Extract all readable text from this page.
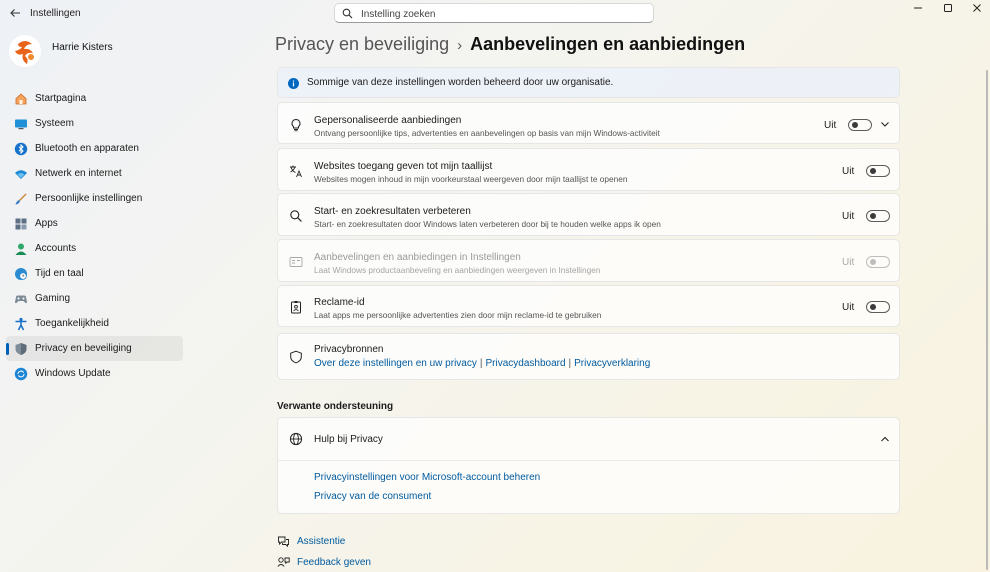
Instellingen
Instelling zoeken
Harrie Kisters
Startpagina
Systeem
Bluetooth en apparaten
Netwerk en internet
Persoonlijke instellingen
Apps
Accounts
Tijd en taal
Gaming
Toegankelijkheid
Privacy en beveiliging
Windows Update
Privacy en beveiliging › Aanbevelingen en aanbiedingen
Sommige van deze instellingen worden beheerd door uw organisatie.
Gepersonaliseerde aanbiedingen
Ontvang persoonlijke tips, advertenties en aanbevelingen op basis van mijn Windows-activiteit
Uit
Websites toegang geven tot mijn taallijst
Websites mogen inhoud in mijn voorkeurstaal weergeven door mijn taallijst te openen
Uit
Start- en zoekresultaten verbeteren
Start- en zoekresultaten door Windows laten verbeteren door bij te houden welke apps ik open
Uit
Aanbevelingen en aanbiedingen in Instellingen
Laat Windows productaanbeveling en aanbiedingen weergeven in Instellingen
Uit
Reclame-id
Laat apps me persoonlijke advertenties zien door mijn reclame-id te gebruiken
Uit
Privacybronnen
Over deze instellingen en uw privacy | Privacydashboard | Privacyverklaring
Verwante ondersteuning
Hulp bij Privacy
Privacyinstellingen voor Microsoft-account beheren
Privacy van de consument
Assistentie
Feedback geven
